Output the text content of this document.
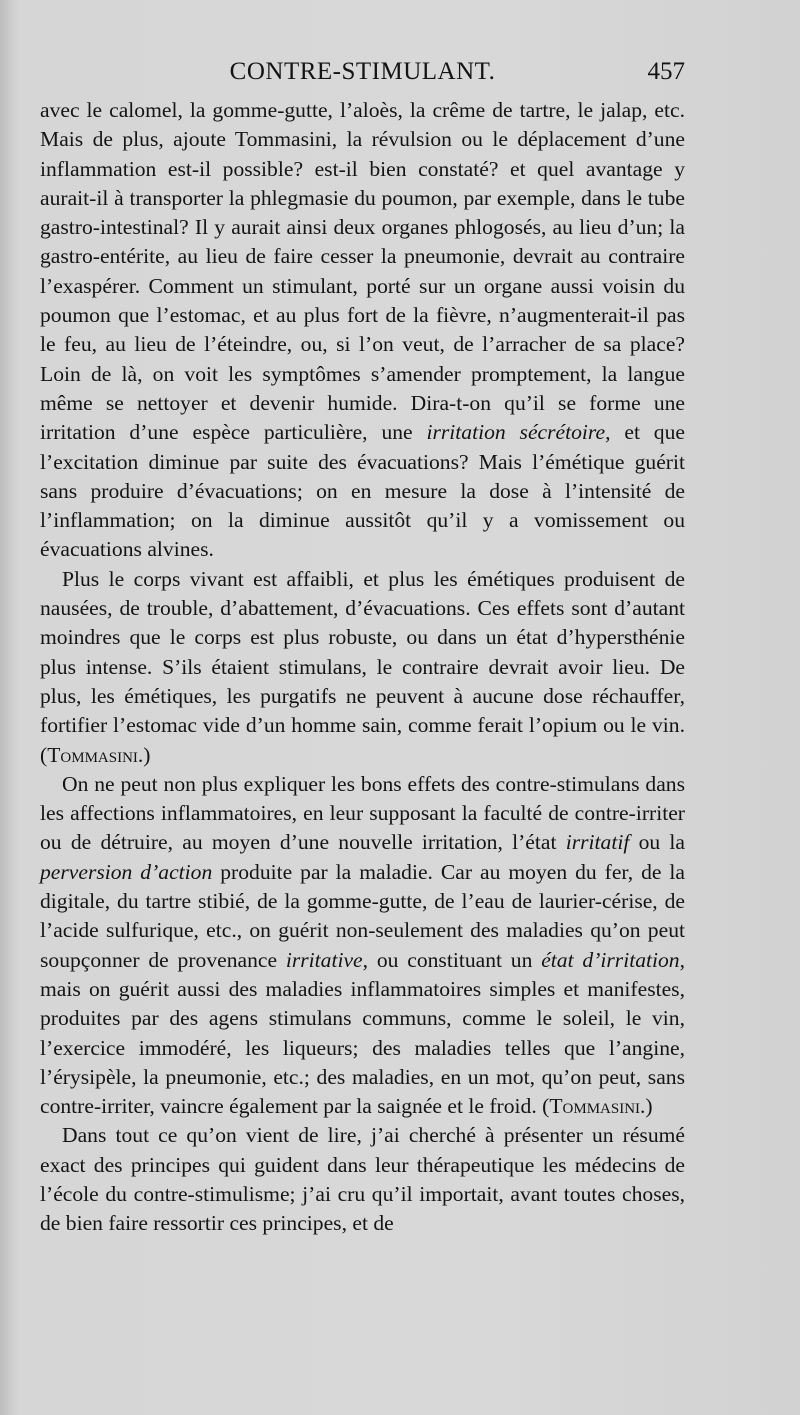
CONTRE-STIMULANT.	457

avec le calomel, la gomme-gutte, l’aloès, la crême de tartre, le jalap, etc. Mais de plus, ajoute Tommasini, la révulsion ou le déplacement d’une inflammation est-il possible? est-il bien constaté? et quel avantage y aurait-il à transporter la phlegmasie du poumon, par exemple, dans le tube gastro-intestinal? Il y aurait ainsi deux organes phlogosés, au lieu d’un; la gastro-entérite, au lieu de faire cesser la pneumonie, devrait au contraire l’exaspérer. Comment un stimulant, porté sur un organe aussi voisin du poumon que l’estomac, et au plus fort de la fièvre, n’augmenterait-il pas le feu, au lieu de l’éteindre, ou, si l’on veut, de l’arracher de sa place? Loin de là, on voit les symptômes s’amender promptement, la langue même se nettoyer et devenir humide. Dira-t-on qu’il se forme une irritation d’une espèce particulière, une irritation sécrétoire, et que l’excitation diminue par suite des évacuations? Mais l’émétique guérit sans produire d’évacuations; on en mesure la dose à l’intensité de l’inflammation; on la diminue aussitôt qu’il y a vomissement ou évacuations alvines.

Plus le corps vivant est affaibli, et plus les émétiques produisent de nausées, de trouble, d’abattement, d’évacuations. Ces effets sont d’autant moindres que le corps est plus robuste, ou dans un état d’hypersthénie plus intense. S’ils étaient stimulans, le contraire devrait avoir lieu. De plus, les émétiques, les purgatifs ne peuvent à aucune dose réchauffer, fortifier l’estomac vide d’un homme sain, comme ferait l’opium ou le vin. (Tommasini.)

On ne peut non plus expliquer les bons effets des contre-stimulans dans les affections inflammatoires, en leur supposant la faculté de contre-irriter ou de détruire, au moyen d’une nouvelle irritation, l’état irritatif ou la perversion d’action produite par la maladie. Car au moyen du fer, de la digitale, du tartre stibié, de la gomme-gutte, de l’eau de laurier-cérise, de l’acide sulfurique, etc., on guérit non-seulement des maladies qu’on peut soupçonner de provenance irritative, ou constituant un état d’irritation, mais on guérit aussi des maladies inflammatoires simples et manifestes, produites par des agens stimulans communs, comme le soleil, le vin, l’exercice immodéré, les liqueurs; des maladies telles que l’angine, l’érysipèle, la pneumonie, etc.; des maladies, en un mot, qu’on peut, sans contre-irriter, vaincre également par la saignée et le froid. (Tommasini.)

Dans tout ce qu’on vient de lire, j’ai cherché à présenter un résumé exact des principes qui guident dans leur thérapeutique les médecins de l’école du contre-stimulisme; j’ai cru qu’il importait, avant toutes choses, de bien faire ressortir ces principes, et de
